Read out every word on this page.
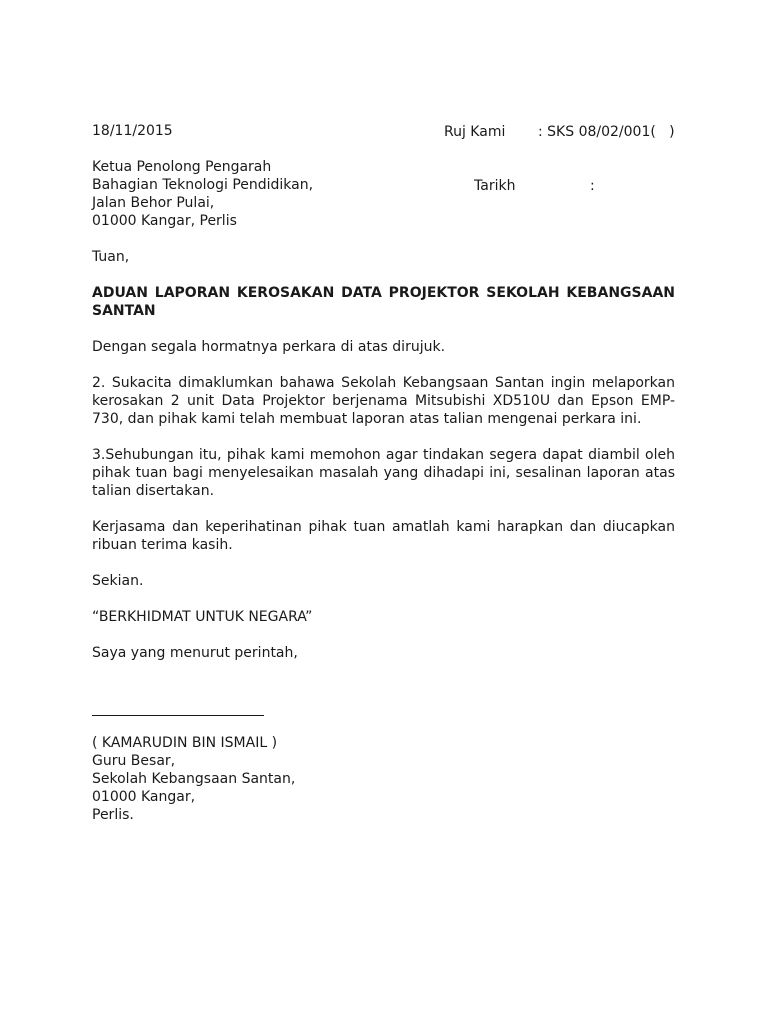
Ruj Kami : SKS 08/02/001(   )

Tarikh	:

18/11/2015
Ketua Penolong Pengarah
Bahagian Teknologi Pendidikan,
Jalan Behor Pulai,
01000 Kangar, Perlis
Tuan,
ADUAN LAPORAN KEROSAKAN DATA PROJEKTOR SEKOLAH KEBANGSAAN SANTAN
Dengan segala hormatnya perkara di atas dirujuk.
2. Sukacita dimaklumkan bahawa Sekolah Kebangsaan Santan ingin melaporkan kerosakan 2 unit Data Projektor berjenama Mitsubishi XD510U dan Epson EMP-730, dan pihak kami telah membuat laporan atas talian mengenai perkara ini.
3.Sehubungan itu, pihak kami memohon agar tindakan segera dapat diambil oleh pihak tuan bagi menyelesaikan masalah yang dihadapi ini, sesalinan laporan atas talian disertakan.
Kerjasama dan keperihatinan pihak tuan amatlah kami harapkan dan diucapkan ribuan terima kasih.
Sekian.
“BERKHIDMAT UNTUK NEGARA”
Saya yang menurut perintah,
( KAMARUDIN BIN ISMAIL )
Guru Besar,
Sekolah Kebangsaan Santan,
01000 Kangar,
Perlis.
